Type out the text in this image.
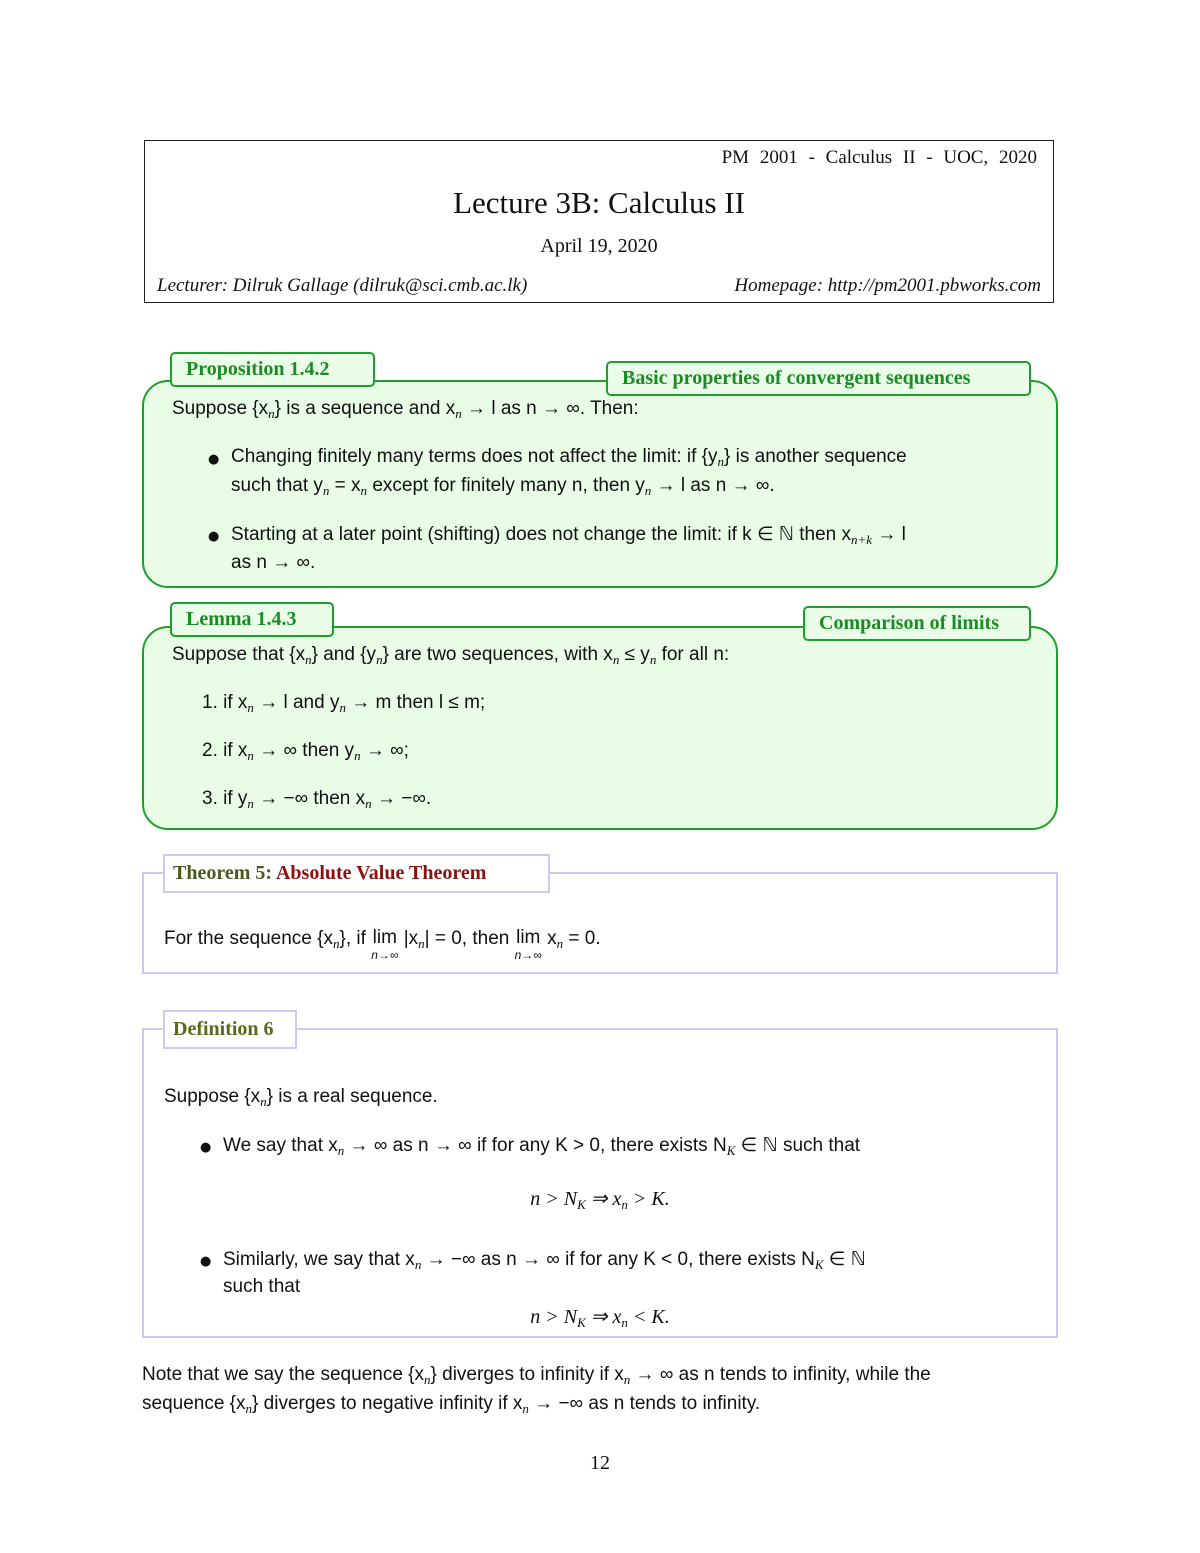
PM 2001 - Calculus II - UOC, 2020
Lecture 3B: Calculus II
April 19, 2020
Lecturer: Dilruk Gallage (dilruk@sci.cmb.ac.lk)	Homepage: http://pm2001.pbworks.com
Suppose $\{x_n\}$ is a sequence and $x_n \to l$ as n → ∞. Then:
● Changing finitely many terms does not affect the limit: if $\{y_n\}$ is another sequence
such that $y_n = x_n$ except for finitely many n, then $y_n \to l$ as n → ∞.
● Starting at a later point (shifting) does not change the limit: if k ∈ ℕ then $x_{n+k} \to l$
as n → ∞.
Proposition 1.4.2	Basic properties of convergent sequences
Suppose that $\{x_n\}$ and $\{y_n\}$ are two sequences, with $x_n \le y_n$ for all n:
1. if $x_n \to l$ and $y_n \to m$ then l ≤ m;
2. if $x_n$ → ∞ then $y_n$ → ∞;
3. if $y_n$ → −∞ then $x_n$ → −∞.
Lemma 1.4.3	Comparison of limits
For the sequence $\{x_n\}$, if lim
n→∞
$|x_n| = 0$, then lim
n→∞
$x_n = 0$.
Theorem 5: Absolute Value Theorem
Suppose $\{x_n\}$ is a real sequence.
● We say that $x_n$ → ∞ as n → ∞ if for any K > 0, there exists $N_K$ ∈ ℕ such that
$n > N_K$ ⇒ $x_n > K$.
● Similarly, we say that $x_n$ → −∞ as n → ∞ if for any K < 0, there exists $N_K$ ∈ ℕ
such that
$n > N_K$ ⇒ $x_n < K$.
Definition 6
Note that we say the sequence $\{x_n\}$ diverges to infinity if $x_n$ → ∞ as n tends to infinity, while the
sequence $\{x_n\}$ diverges to negative infinity if $x_n$ → −∞ as n tends to infinity.
12
